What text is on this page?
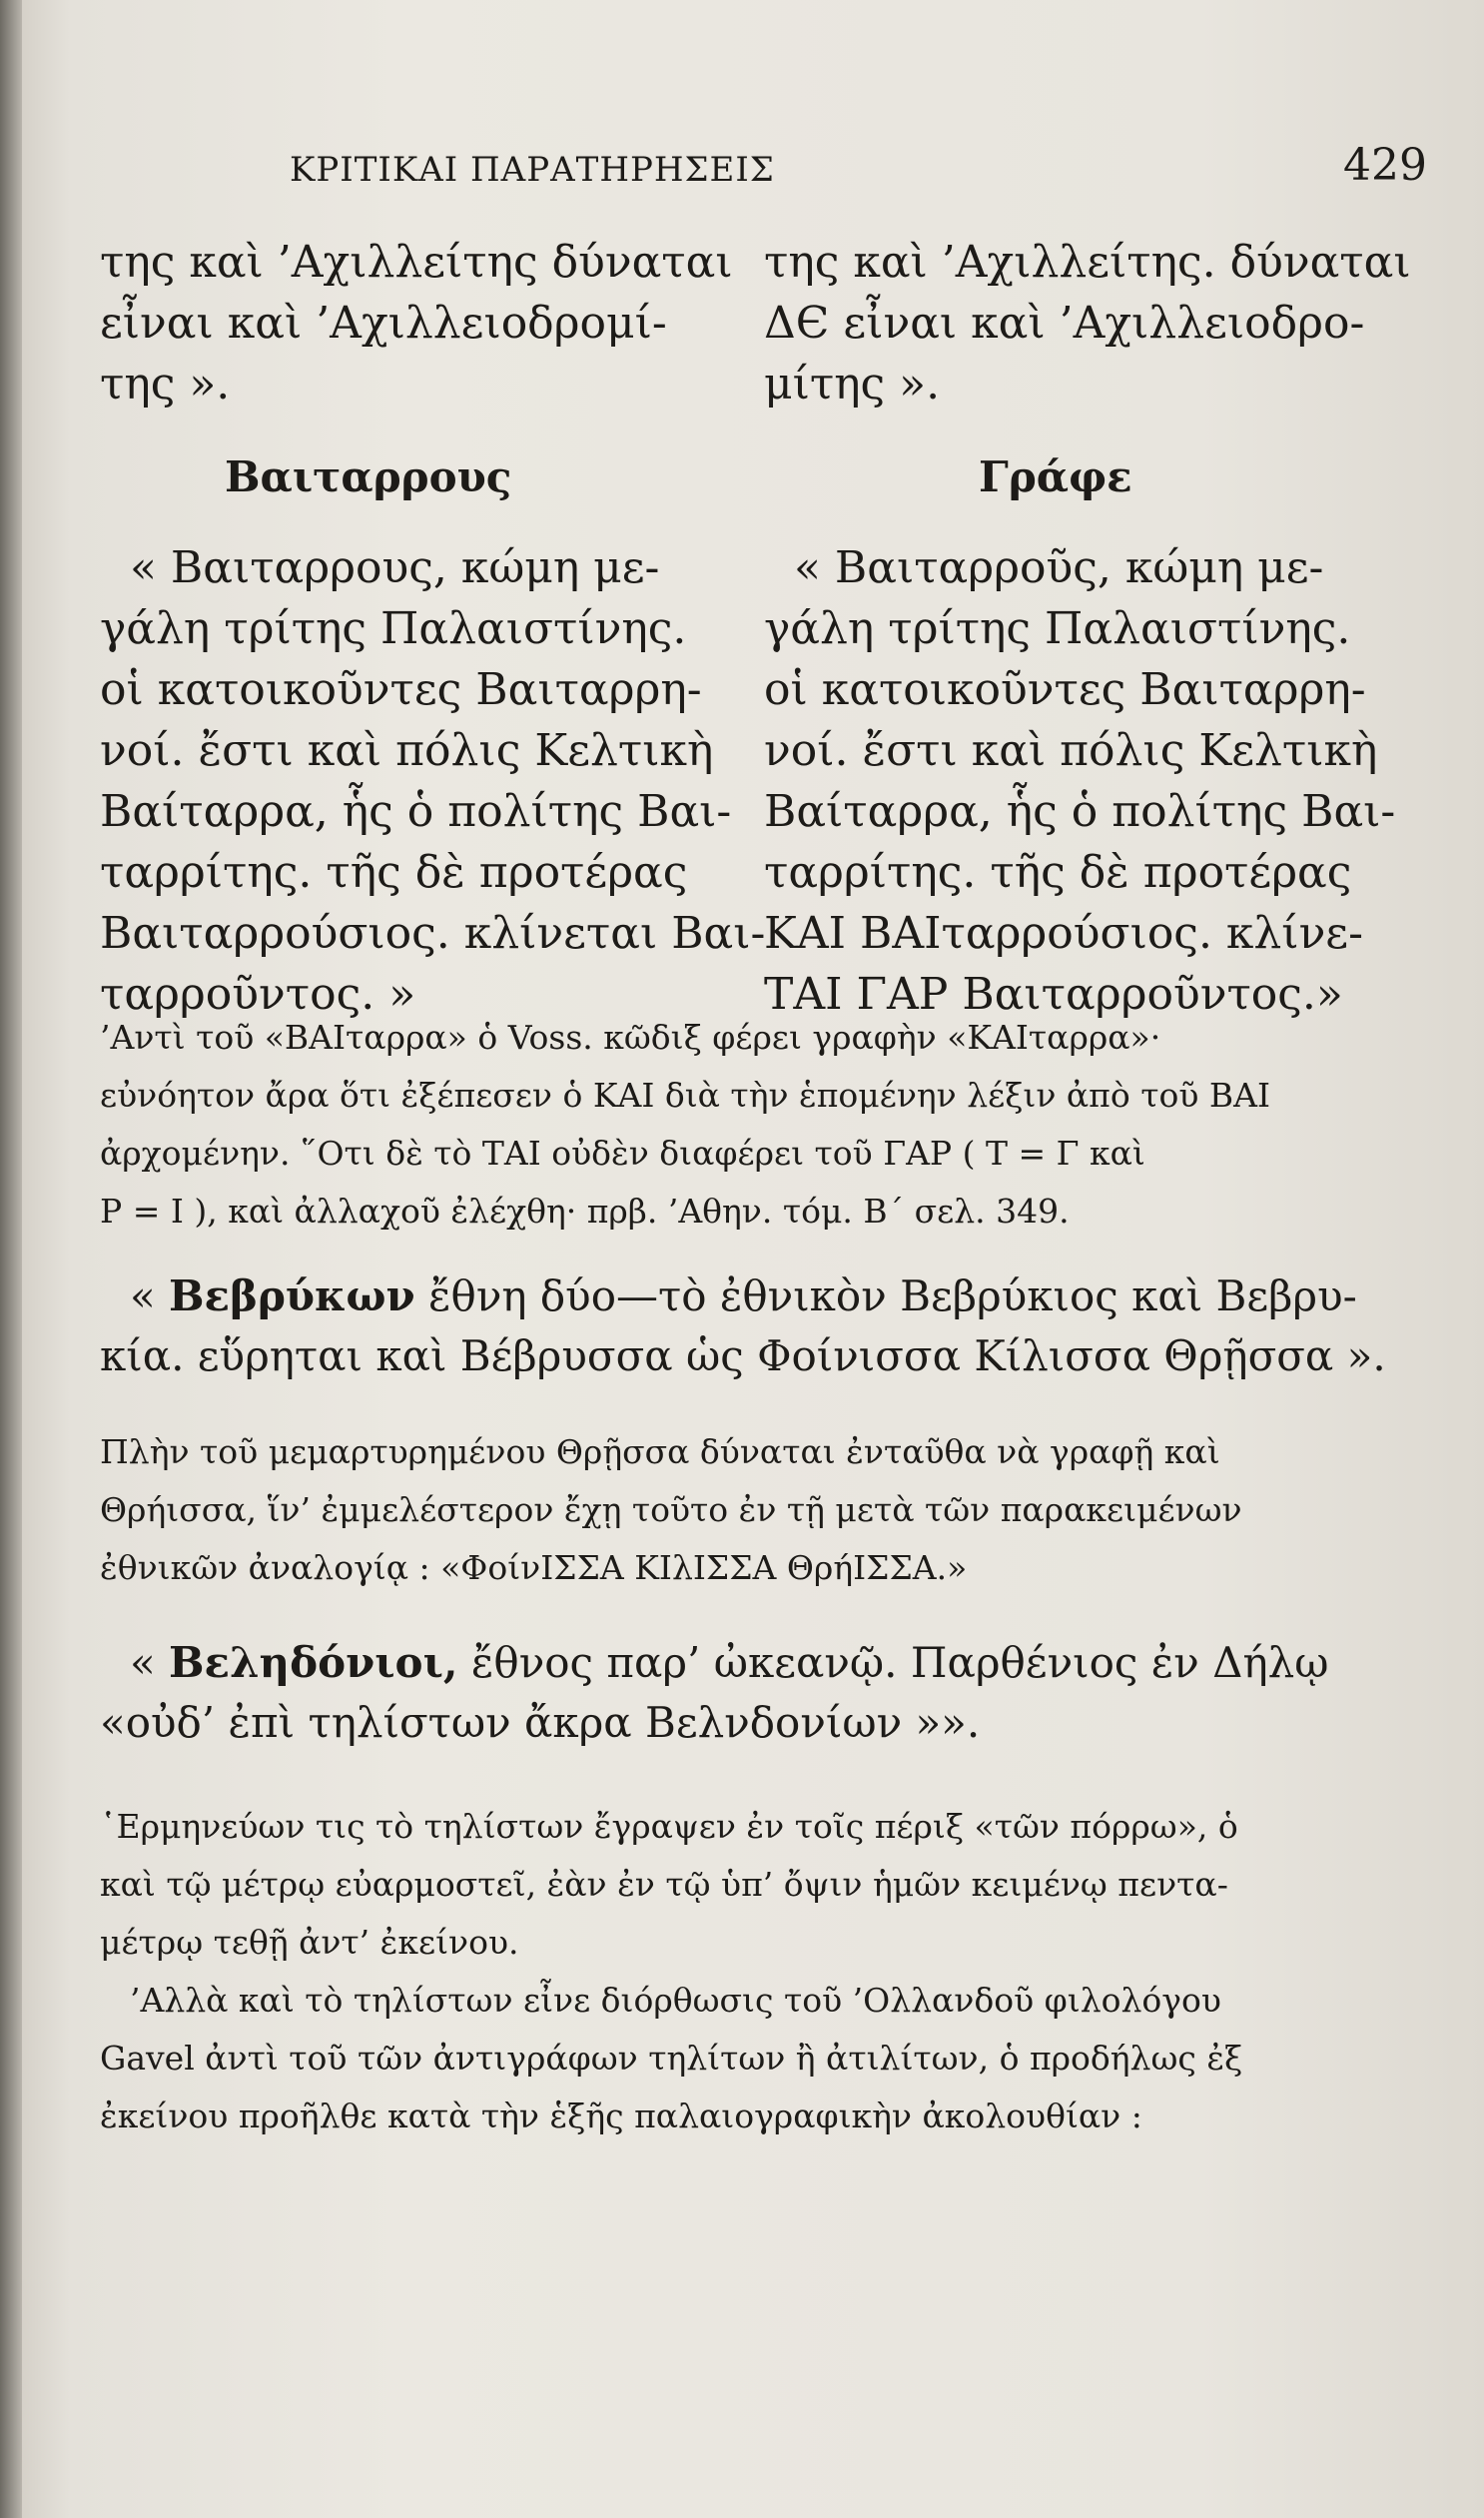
ΚΡΙΤΙΚΑΙ ΠΑΡΑΤΗΡΗΣΕΙΣ	429
της καὶ ’Αχιλλείτης δύναται
εἶναι καὶ ’Αχιλλειοδρομί-
της ».
Βαιταρρους
« Βαιταρρους, κώμη με-
γάλη τρίτης Παλαιστίνης.
οἱ κατοικοῦντες Βαιταρρη-
νοί. ἔστι καὶ πόλις Κελτικὴ
Βαίταρρα, ἧς ὁ πολίτης Βαι-
ταρρίτης. τῆς δὲ προτέρας
Βαιταρρούσιος. κλίνεται Βαι-
ταρροῦντος. »
της καὶ ’Αχιλλείτης. δύναται
ΔЄ εἶναι καὶ ’Αχιλλειοδρο-
μίτης ».
Γράφε
« Βαιταρροῦς, κώμη με-
γάλη τρίτης Παλαιστίνης.
οἱ κατοικοῦντες Βαιταρρη-
νοί. ἔστι καὶ πόλις Κελτικὴ
Βαίταρρα, ἧς ὁ πολίτης Βαι-
ταρρίτης. τῆς δὲ προτέρας
ΚΑΙ ΒΑΙταρρούσιος. κλίνε-
ΤΑΙ ΓΑΡ Βαιταρροῦντος.»
’Αντὶ τοῦ «ΒΑΙταρρα» ὁ Voss. κῶδιξ φέρει γραφὴν «ΚΑΙταρρα»·
εὐνόητον ἄρα ὅτι ἐξέπεσεν ὁ ΚΑΙ διὰ τὴν ἑπομένην λέξιν ἀπὸ τοῦ ΒΑΙ
ἀρχομένην. ῞Οτι δὲ τὸ ΤΑΙ οὐδὲν διαφέρει τοῦ ΓΑΡ ( Τ = Γ καὶ
Ρ = Ι ), καὶ ἀλλαχοῦ ἐλέχθη· πρβ. ’Αθην. τόμ. Β΄ σελ. 349.
« Βεβρύκων ἔθνη δύο—τὸ ἐθνικὸν Βεβρύκιος καὶ Βεβρυ-
κία. εὕρηται καὶ Βέβρυσσα ὡς Φοίνισσα Κίλισσα Θρῇσσα ».
Πλὴν τοῦ μεμαρτυρημένου Θρῇσσα δύναται ἐνταῦθα νὰ γραφῇ καὶ
Θρήισσα, ἵν’ ἐμμελέστερον ἔχῃ τοῦτο ἐν τῇ μετὰ τῶν παρακειμένων
ἐθνικῶν ἀναλογίᾳ : «ΦοίνΙΣΣΑ ΚΙλΙΣΣΑ ΘρήΙΣΣΑ.»
« Βεληδόνιοι, ἔθνος παρ’ ὠκεανῷ. Παρθένιος ἐν Δήλῳ
«οὐδ’ ἐπὶ τηλίστων ἄκρα Βελνδονίων »».
῾Ερμηνεύων τις τὸ τηλίστων ἔγραψεν ἐν τοῖς πέριξ «τῶν πόρρω», ὁ
καὶ τῷ μέτρῳ εὐαρμοστεῖ, ἐὰν ἐν τῷ ὑπ’ ὄψιν ἡμῶν κειμένῳ πεντα-
μέτρῳ τεθῇ ἀντ’ ἐκείνου.
’Αλλὰ καὶ τὸ τηλίστων εἶνε διόρθωσις τοῦ ’Ολλανδοῦ φιλολόγου
Gavel ἀντὶ τοῦ τῶν ἀντιγράφων τηλίτων ἢ ἀτιλίτων, ὁ προδήλως ἐξ
ἐκείνου προῆλθε κατὰ τὴν ἑξῆς παλαιογραφικὴν ἀκολουθίαν :
